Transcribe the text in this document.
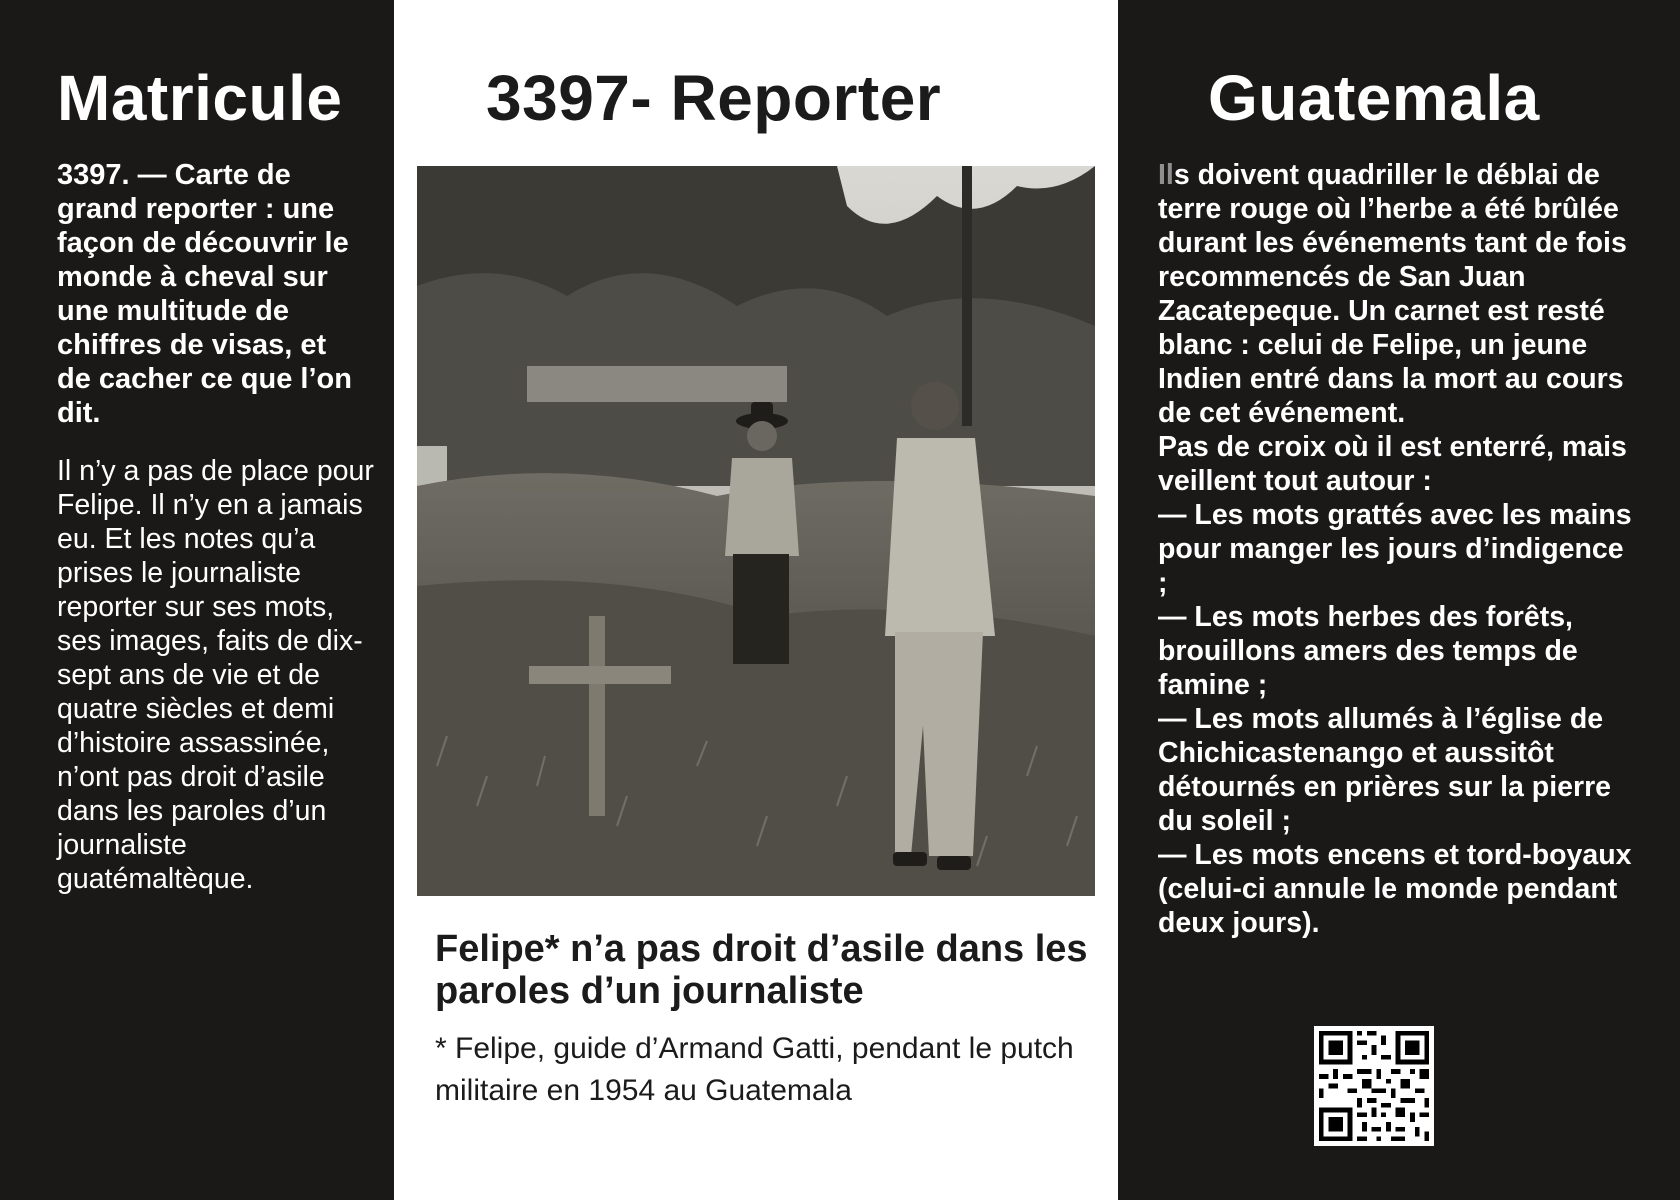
Matricule
3397. — Carte de grand reporter : une façon de découvrir le monde à cheval sur une multitude de chiffres de visas, et de cacher ce que l’on dit.
Il n’y a pas de place pour Felipe. Il n’y en a jamais eu. Et les notes qu’a prises le journaliste reporter sur ses mots, ses images, faits de dix-sept ans de vie et de quatre siècles et demi d’histoire assassinée, n’ont pas droit d’asile dans les paroles d’un journaliste guatémaltèque.
3397- Reporter
Felipe* n’a pas droit d’asile dans les paroles d’un journaliste
* Felipe, guide d’Armand Gatti, pendant le putch militaire en 1954 au Guatemala
Guatemala
Ils doivent quadriller le déblai de terre rouge où l’herbe a été brûlée durant les événements tant de fois recommencés de San Juan Zacatepeque. Un carnet est resté blanc : celui de Felipe, un jeune Indien entré dans la mort au cours de cet événement.
Pas de croix où il est enterré, mais veillent tout autour :
— Les mots grattés avec les mains pour manger les jours d’indigence ;
— Les mots herbes des forêts, brouillons amers des temps de famine ;
— Les mots allumés à l’église de Chichicastenango et aussitôt détournés en prières sur la pierre du soleil ;
— Les mots encens et tord-boyaux (celui-ci annule le monde pendant deux jours).
